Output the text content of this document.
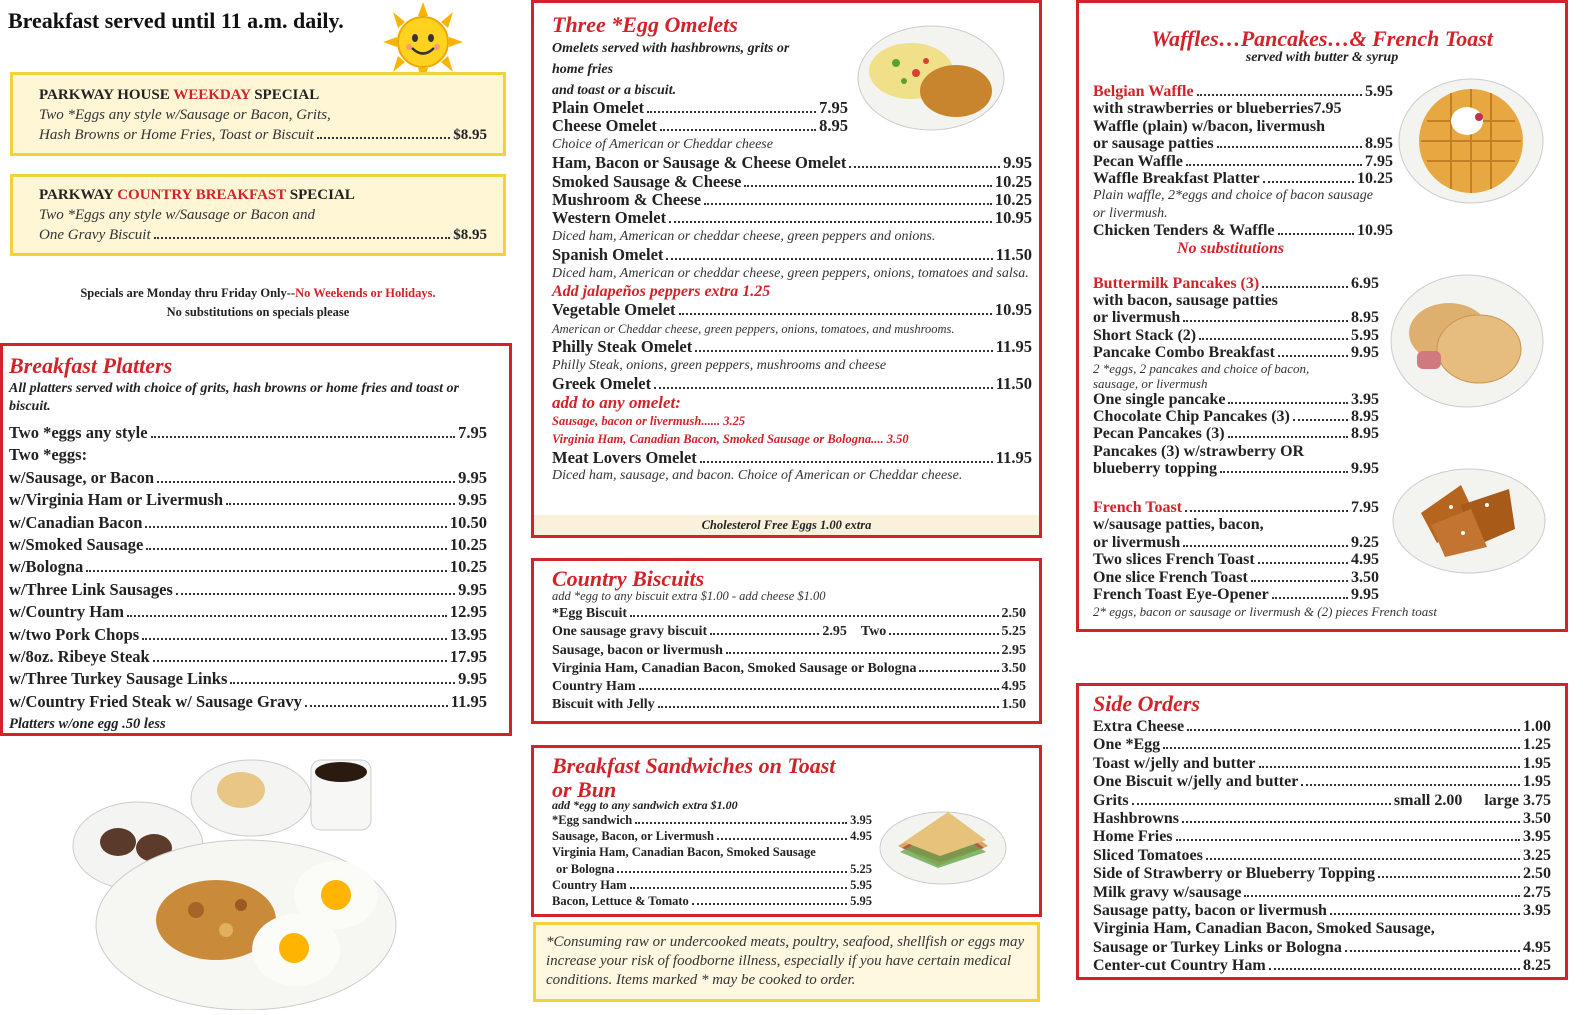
Breakfast served until 11 a.m. daily.
PARKWAY HOUSE WEEKDAY SPECIAL
Two *Eggs any style w/Sausage or Bacon, Grits,
Hash Browns or Home Fries, Toast or Biscuit	$8.95
PARKWAY COUNTRY BREAKFAST SPECIAL
Two *Eggs any style w/Sausage or Bacon and
One Gravy Biscuit	$8.95
Specials are Monday thru Friday Only--No Weekends or Holidays.
No substitutions on specials please
Breakfast Platters
All platters served with choice of grits, hash browns or home fries and toast or biscuit.
Two *eggs any style	7.95
Two *eggs:
w/Sausage, or Bacon	9.95
w/Virginia Ham or Livermush	9.95
w/Canadian Bacon	10.50
w/Smoked Sausage	10.25
w/Bologna	10.25
w/Three Link Sausages	9.95
w/Country Ham	12.95
w/two Pork Chops	13.95
w/8oz. Ribeye Steak	17.95
w/Three Turkey Sausage Links	9.95
w/Country Fried Steak w/ Sausage Gravy	11.95
Platters w/one egg .50 less
Three *Egg Omelets
Omelets served with hashbrowns, grits or
home fries
and toast or a biscuit.
Plain Omelet	7.95
Cheese Omelet	8.95
Choice of American or Cheddar cheese
Ham, Bacon or Sausage & Cheese Omelet	9.95
Smoked Sausage & Cheese	10.25
Mushroom & Cheese	10.25
Western Omelet	10.95
Diced ham, American or cheddar cheese, green peppers and onions.
Spanish Omelet	11.50
Diced ham, American or cheddar cheese, green peppers, onions, tomatoes and salsa.
Add jalapeños peppers extra 1.25
Vegetable Omelet	10.95
American or Cheddar cheese, green peppers, onions, tomatoes, and mushrooms.
Philly Steak Omelet	11.95
Philly Steak, onions, green peppers, mushrooms and cheese
Greek Omelet	11.50
add to any omelet:
Sausage, bacon or livermush...... 3.25
Virginia Ham, Canadian Bacon, Smoked Sausage or Bologna.... 3.50
Meat Lovers Omelet	11.95
Diced ham, sausage, and bacon. Choice of American or Cheddar cheese.
Cholesterol Free Eggs 1.00 extra
Country Biscuits
add *egg to any biscuit extra $1.00 - add cheese $1.00
*Egg Biscuit	2.50
One sausage gravy biscuit	2.95 Two	5.25
Sausage, bacon or livermush	2.95
Virginia Ham, Canadian Bacon, Smoked Sausage or Bologna	3.50
Country Ham	4.95
Biscuit with Jelly	1.50
Breakfast Sandwiches on Toast
or Bun
add *egg to any sandwich extra $1.00
*Egg sandwich	3.95
Sausage, Bacon, or Livermush	4.95
Virginia Ham, Canadian Bacon, Smoked Sausage
or Bologna	5.25
Country Ham	5.95
Bacon, Lettuce & Tomato	5.95
*Consuming raw or undercooked meats, poultry, seafood, shellfish or eggs may increase your risk of foodborne illness, especially if you have certain medical conditions. Items marked * may be cooked to order.
Waffles…Pancakes…& French Toast
served with butter & syrup
Belgian Waffle	5.95
with strawberries or blueberries 7.95
Waffle (plain) w/bacon, livermush
or sausage patties	8.95
Pecan Waffle	7.95
Waffle Breakfast Platter	10.25
Plain waffle, 2*eggs and choice of bacon sausage or livermush.
Chicken Tenders & Waffle	10.95
No substitutions
Buttermilk Pancakes (3)	6.95
with bacon, sausage patties
or livermush	8.95
Short Stack (2)	5.95
Pancake Combo Breakfast	9.95
2 *eggs, 2 pancakes and choice of bacon, sausage, or livermush
One single pancake	3.95
Chocolate Chip Pancakes (3)	8.95
Pecan Pancakes (3)	8.95
Pancakes (3) w/strawberry OR
blueberry topping	9.95
French Toast	7.95
w/sausage patties, bacon,
or livermush	9.25
Two slices French Toast	4.95
One slice French Toast	3.50
French Toast Eye-Opener	9.95
2* eggs, bacon or sausage or livermush & (2) pieces French toast
Side Orders
Extra Cheese	1.00
One *Egg	1.25
Toast w/jelly and butter	1.95
One Biscuit w/jelly and butter	1.95
Grits	small 2.00 large 3.75
Hashbrowns	3.50
Home Fries	3.95
Sliced Tomatoes	3.25
Side of Strawberry or Blueberry Topping	2.50
Milk gravy w/sausage	2.75
Sausage patty, bacon or livermush	3.95
Virginia Ham, Canadian Bacon, Smoked Sausage,
Sausage or Turkey Links or Bologna	4.95
Center-cut Country Ham	8.25
